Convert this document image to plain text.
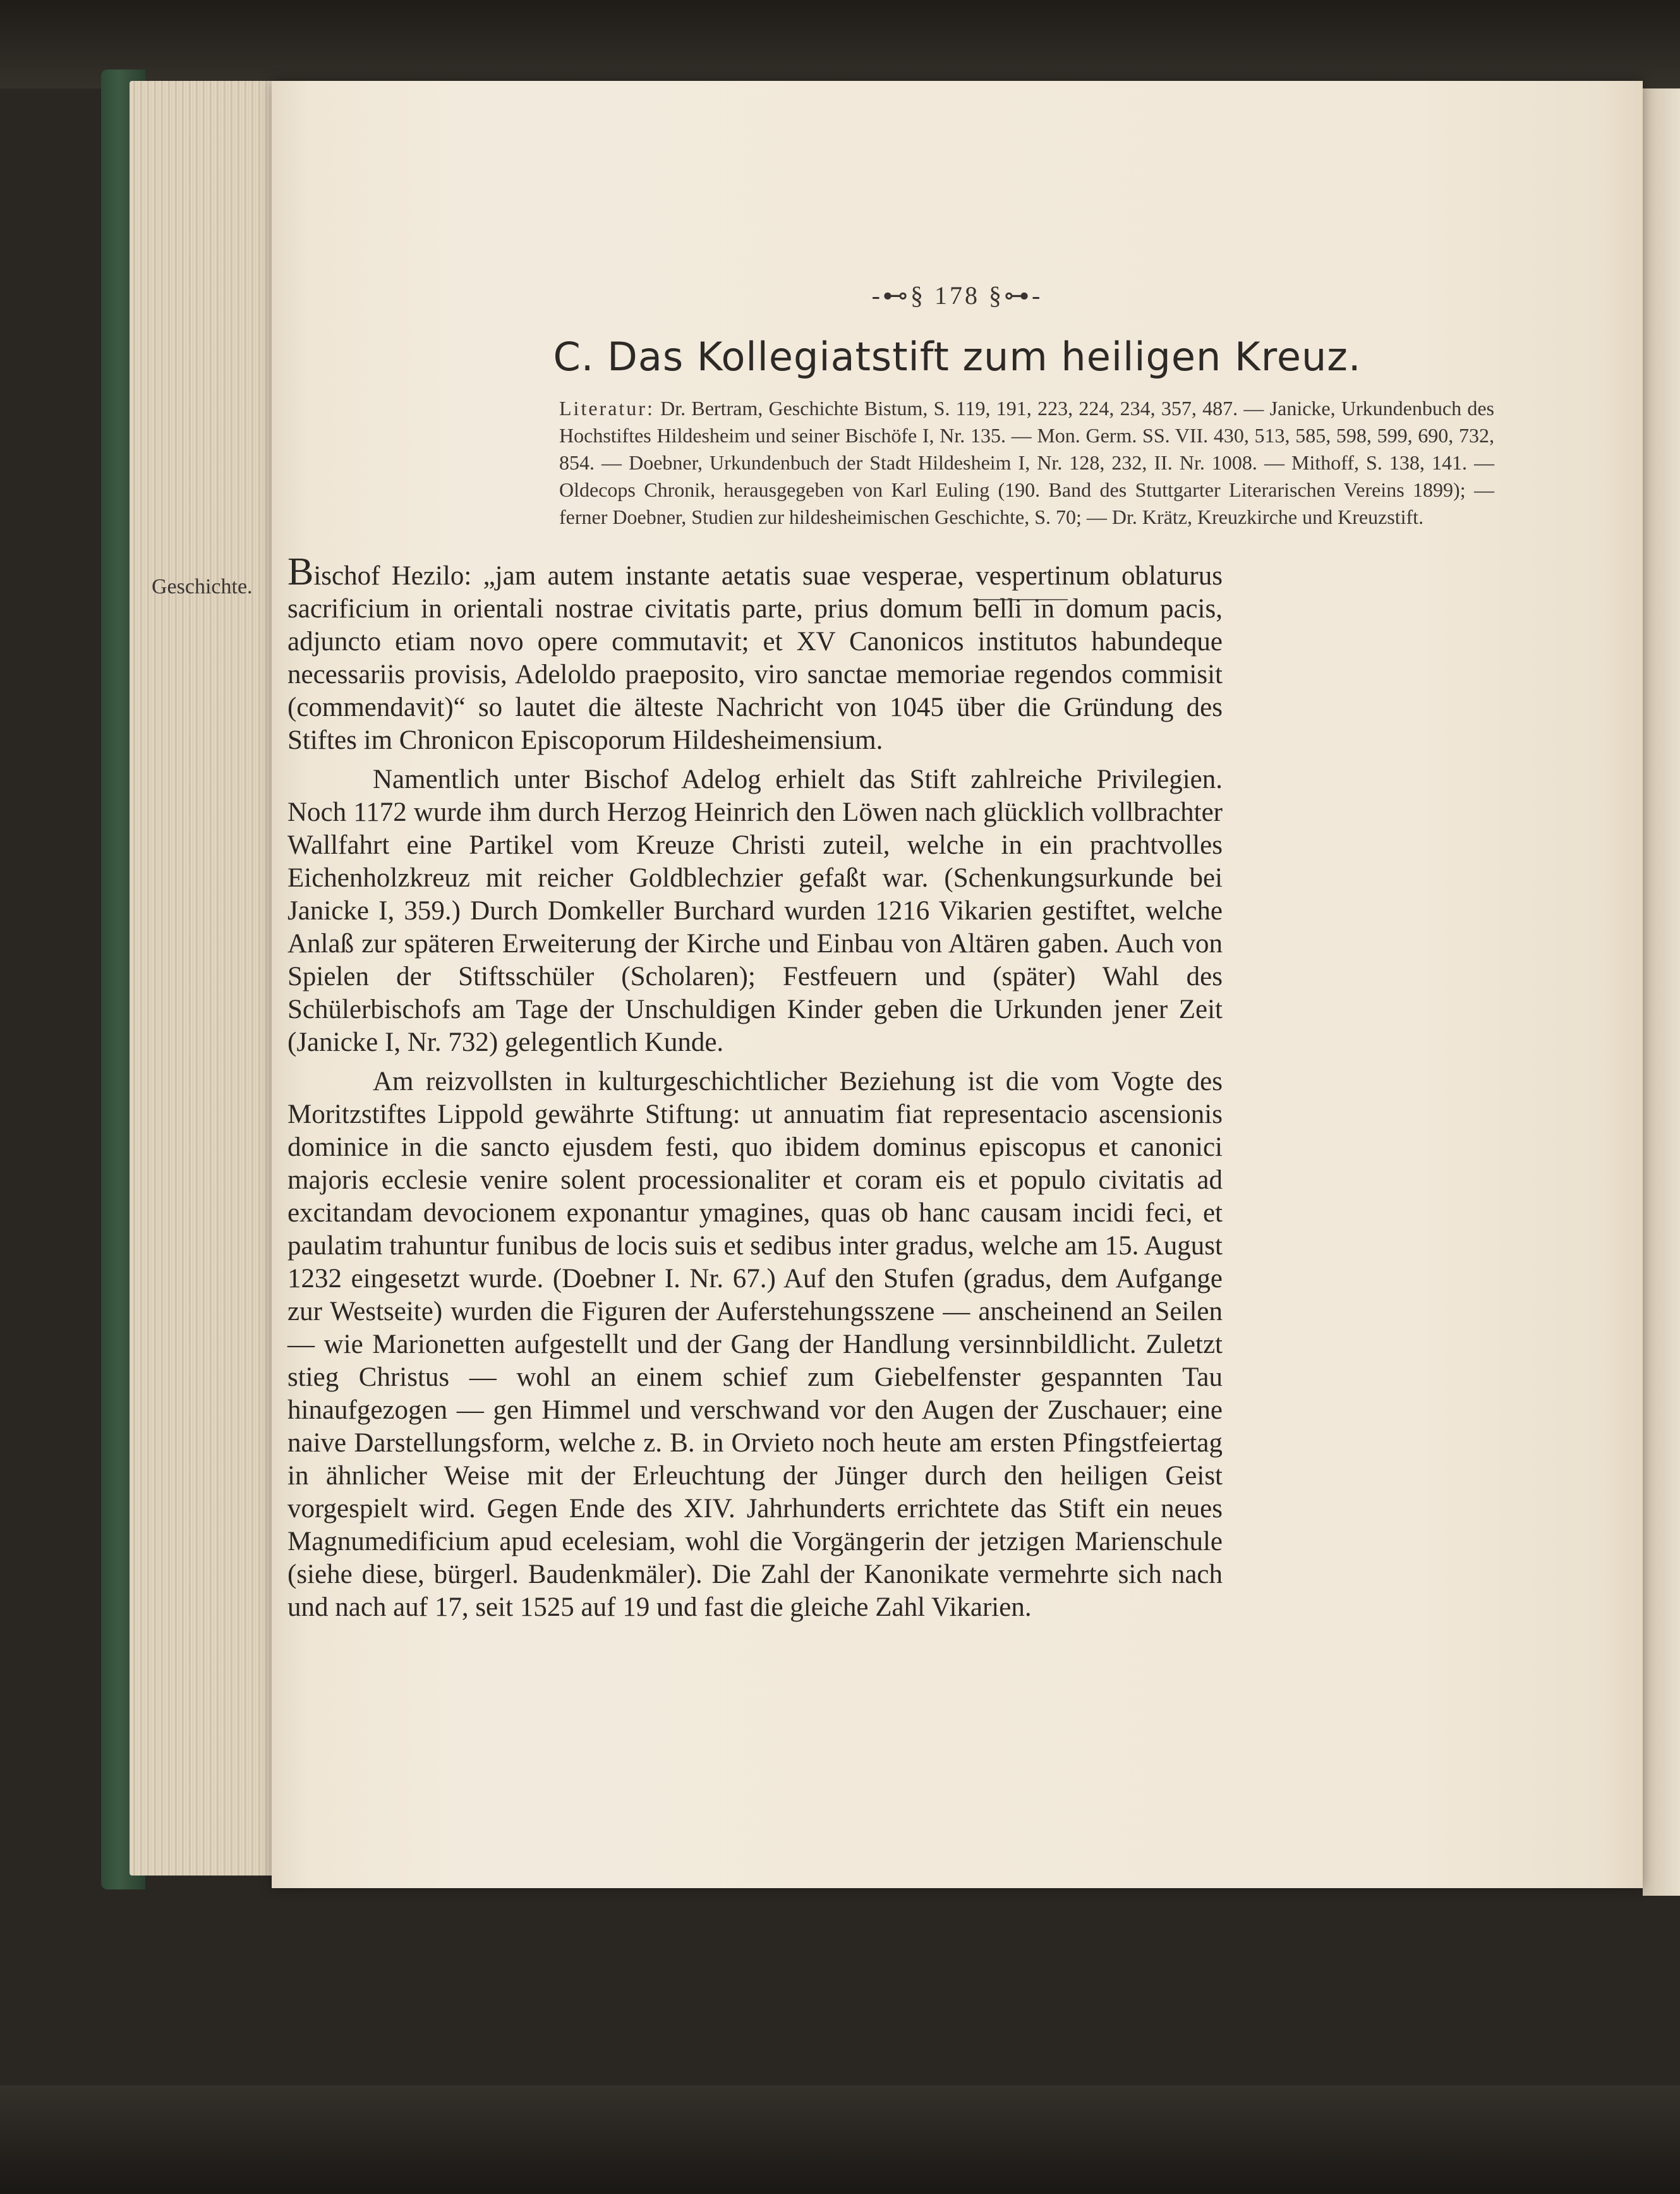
-⊷§ 178 §⊶-
C. Das Kollegiatstift zum heiligen Kreuz.
Literatur: Dr. Bertram, Geschichte Bistum, S. 119, 191, 223, 224, 234, 357, 487. — Janicke, Urkundenbuch des Hochstiftes Hildesheim und seiner Bischöfe I, Nr. 135. — Mon. Germ. SS. VII. 430, 513, 585, 598, 599, 690, 732, 854. — Doebner, Urkundenbuch der Stadt Hildesheim I, Nr. 128, 232, II. Nr. 1008. — Mithoff, S. 138, 141. — Oldecops Chronik, herausgegeben von Karl Euling (190. Band des Stuttgarter Literarischen Vereins 1899); — ferner Doebner, Studien zur hildesheimischen Geschichte, S. 70; — Dr. Krätz, Kreuzkirche und Kreuzstift.
Geschichte. Bischof Hezilo: „jam autem instante aetatis suae vesperae, vespertinum oblaturus sacrificium in orientali nostrae civitatis parte, prius domum belli in domum pacis, adjuncto etiam novo opere commutavit; et XV Canonicos institutos habundeque necessariis provisis, Adeloldo praeposito, viro sanctae memoriae regendos commisit (commendavit)“ so lautet die älteste Nachricht von 1045 über die Gründung des Stiftes im Chronicon Episcoporum Hildesheimensium.

Namentlich unter Bischof Adelog erhielt das Stift zahlreiche Privilegien. Noch 1172 wurde ihm durch Herzog Heinrich den Löwen nach glücklich vollbrachter Wallfahrt eine Partikel vom Kreuze Christi zuteil, welche in ein prachtvolles Eichenholzkreuz mit reicher Goldblechzier gefaßt war. (Schenkungsurkunde bei Janicke I, 359.) Durch Domkeller Burchard wurden 1216 Vikarien gestiftet, welche Anlaß zur späteren Erweiterung der Kirche und Einbau von Altären gaben. Auch von Spielen der Stiftsschüler (Scholaren); Festfeuern und (später) Wahl des Schülerbischofs am Tage der Unschuldigen Kinder geben die Urkunden jener Zeit (Janicke I, Nr. 732) gelegentlich Kunde.

Am reizvollsten in kulturgeschichtlicher Beziehung ist die vom Vogte des Moritzstiftes Lippold gewährte Stiftung: ut annuatim fiat representacio ascensionis dominice in die sancto ejusdem festi, quo ibidem dominus episcopus et canonici majoris ecclesie venire solent processionaliter et coram eis et populo civitatis ad excitandam devocionem exponantur ymagines, quas ob hanc causam incidi feci, et paulatim trahuntur funibus de locis suis et sedibus inter gradus, welche am 15. August 1232 eingesetzt wurde. (Doebner I. Nr. 67.) Auf den Stufen (gradus, dem Aufgange zur Westseite) wurden die Figuren der Auferstehungsszene — anscheinend an Seilen — wie Marionetten aufgestellt und der Gang der Handlung versinnbildlicht. Zuletzt stieg Christus — wohl an einem schief zum Giebelfenster gespannten Tau hinaufgezogen — gen Himmel und verschwand vor den Augen der Zuschauer; eine naive Darstellungsform, welche z. B. in Orvieto noch heute am ersten Pfingstfeiertag in ähnlicher Weise mit der Erleuchtung der Jünger durch den heiligen Geist vorgespielt wird. Gegen Ende des XIV. Jahrhunderts errichtete das Stift ein neues Magnumedificium apud ecelesiam, wohl die Vorgängerin der jetzigen Marienschule (siehe diese, bürgerl. Baudenkmäler). Die Zahl der Kanonikate vermehrte sich nach und nach auf 17, seit 1525 auf 19 und fast die gleiche Zahl Vikarien.
